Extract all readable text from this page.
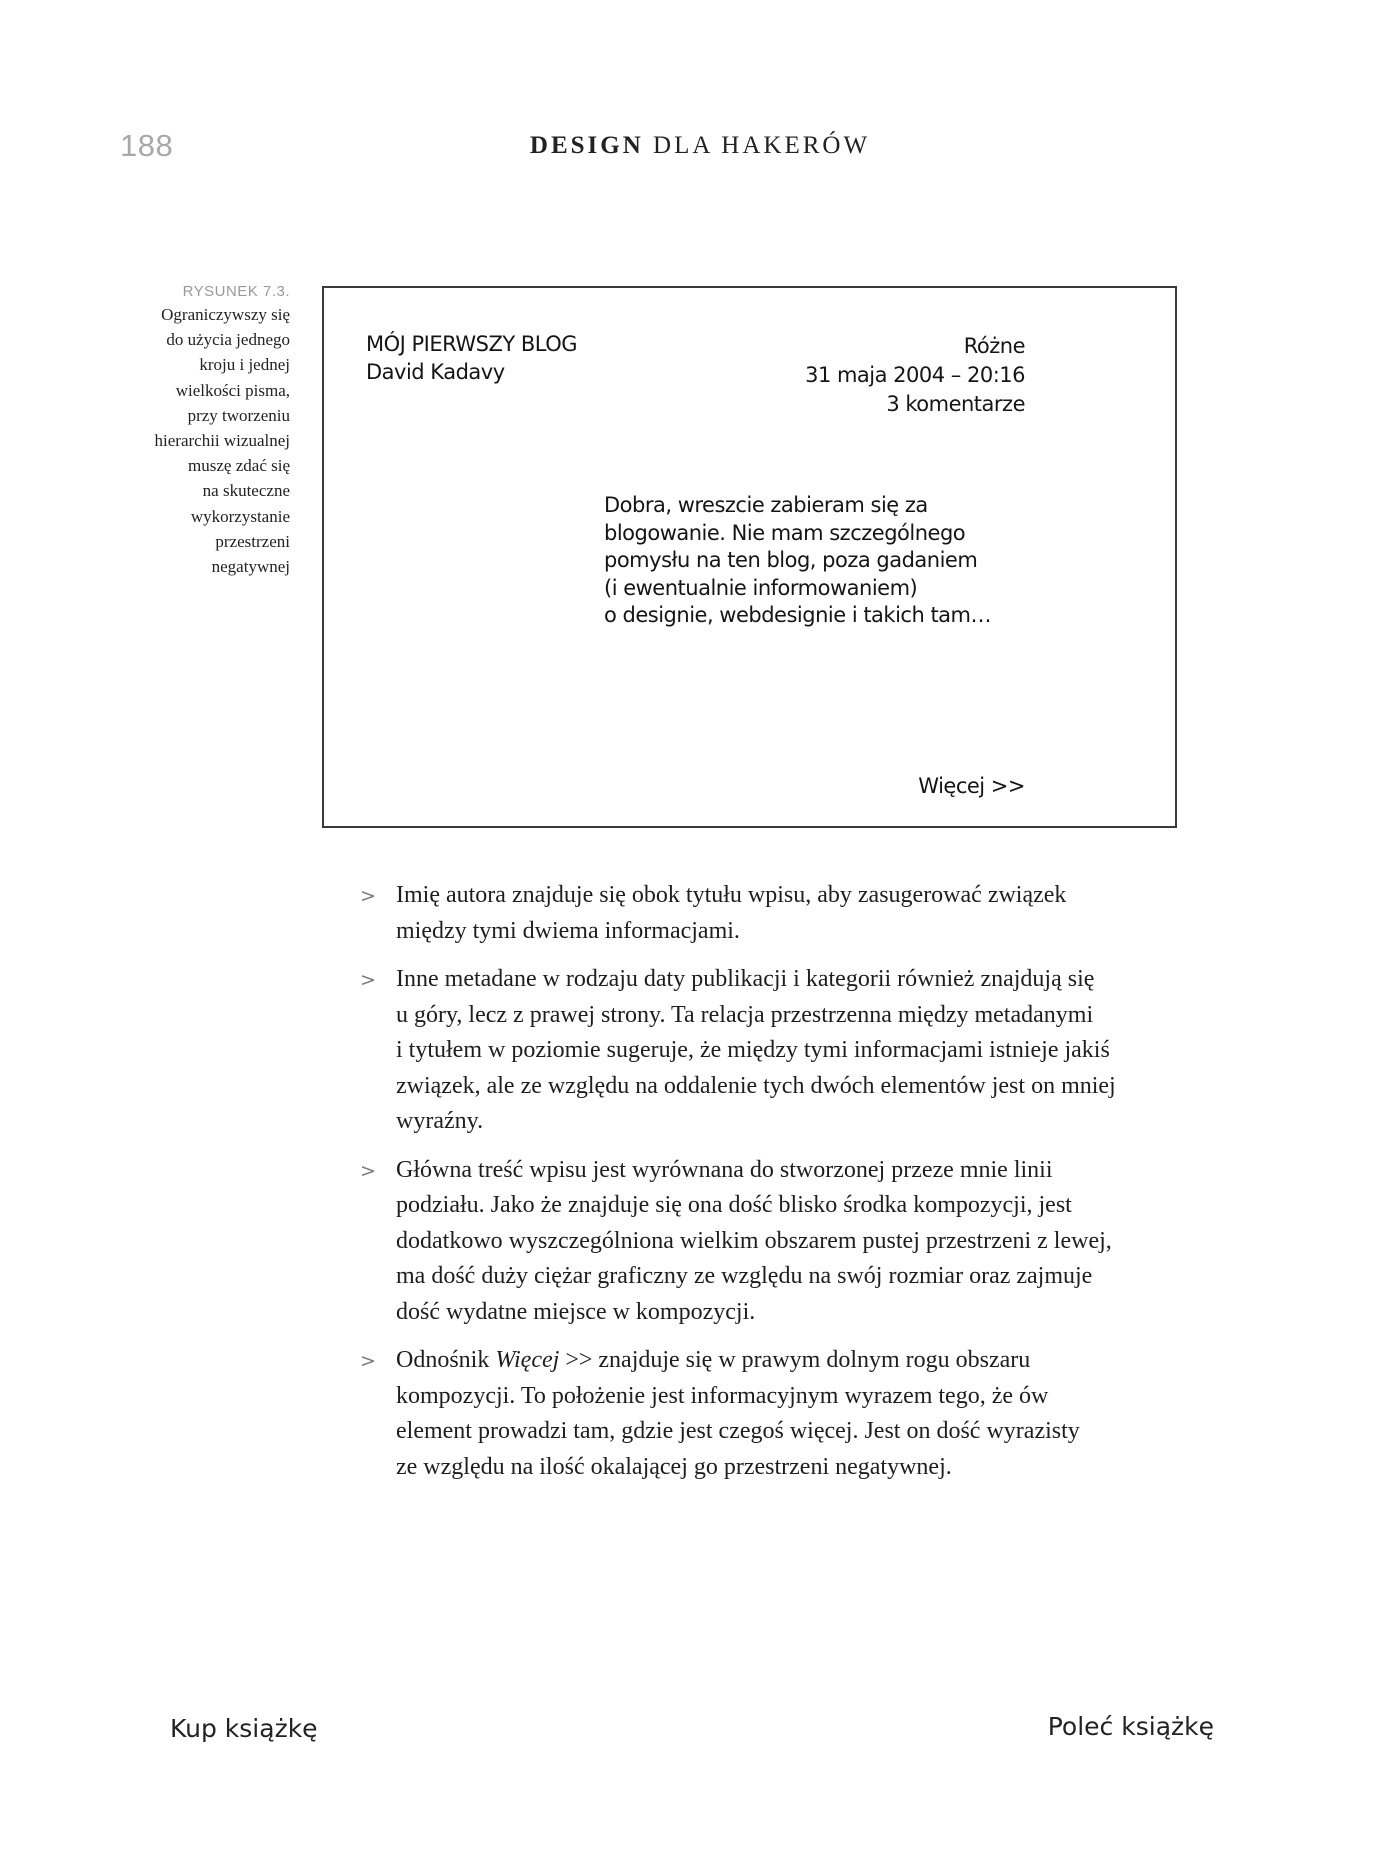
188	DESIGN DLA HAKERÓW
RYSUNEK 7.3.
Ograniczywszy się
do użycia jednego
kroju i jednej
wielkości pisma,
przy tworzeniu
hierarchii wizualnej
muszę zdać się
na skuteczne
wykorzystanie
przestrzeni
negatywnej
MÓJ PIERWSZY BLOG
David Kadavy
Różne
31 maja 2004 – 20:16
3 komentarze
Dobra, wreszcie zabieram się za
blogowanie. Nie mam szczególnego
pomysłu na ten blog, poza gadaniem
(i ewentualnie informowaniem)
o designie, webdesignie i takich tam…
Więcej >>
> Imię autora znajduje się obok tytułu wpisu, aby zasugerować związek
między tymi dwiema informacjami.
> Inne metadane w rodzaju daty publikacji i kategorii również znajdują się
u góry, lecz z prawej strony. Ta relacja przestrzenna między metadanymi
i tytułem w poziomie sugeruje, że między tymi informacjami istnieje jakiś
związek, ale ze względu na oddalenie tych dwóch elementów jest on mniej
wyraźny.
> Główna treść wpisu jest wyrównana do stworzonej przeze mnie linii
podziału. Jako że znajduje się ona dość blisko środka kompozycji, jest
dodatkowo wyszczególniona wielkim obszarem pustej przestrzeni z lewej,
ma dość duży ciężar graficzny ze względu na swój rozmiar oraz zajmuje
dość wydatne miejsce w kompozycji.
> Odnośnik Więcej >> znajduje się w prawym dolnym rogu obszaru
kompozycji. To położenie jest informacyjnym wyrazem tego, że ów
element prowadzi tam, gdzie jest czegoś więcej. Jest on dość wyrazisty
ze względu na ilość okalającej go przestrzeni negatywnej.
Kup książkę	Poleć książkę
